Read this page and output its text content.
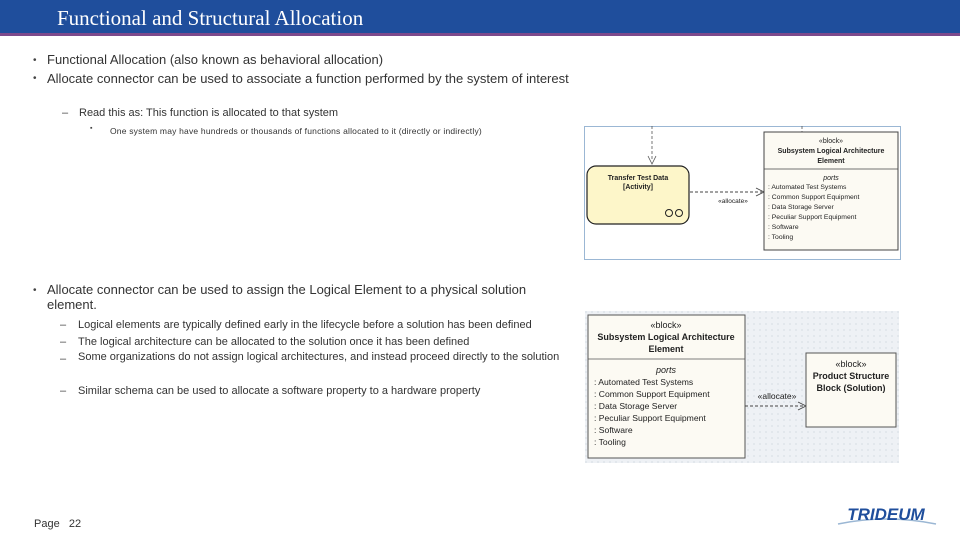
Functional and Structural Allocation
• Functional Allocation (also known as behavioral allocation)
• Allocate connector can be used to associate a function performed by the system of interest
– Read this as: This function is allocated to that system
▪ One system may have hundreds or thousands of functions allocated to it (directly or indirectly)
• Allocate connector can be used to assign the Logical Element to a physical solution element.
– Logical elements are typically defined early in the lifecycle before a solution has been defined
– The logical architecture can be allocated to the solution once it has been defined
– Some organizations do not assign logical architectures, and instead proceed directly to the solution
– Similar schema can be used to allocate a software property to a hardware property
Transfer Test Data
[Activity]
«allocate»
«block»
Subsystem Logical Architecture
Element
ports
: Automated Test Systems
: Common Support Equipment
: Data Storage Server
: Peculiar Support Equipment
: Software
: Tooling
«block»
Subsystem Logical Architecture
Element
ports
: Automated Test Systems
: Common Support Equipment
: Data Storage Server
: Peculiar Support Equipment
: Software
: Tooling
«allocate»
«block»
Product Structure
Block (Solution)
Page 22	TRIDEUM
